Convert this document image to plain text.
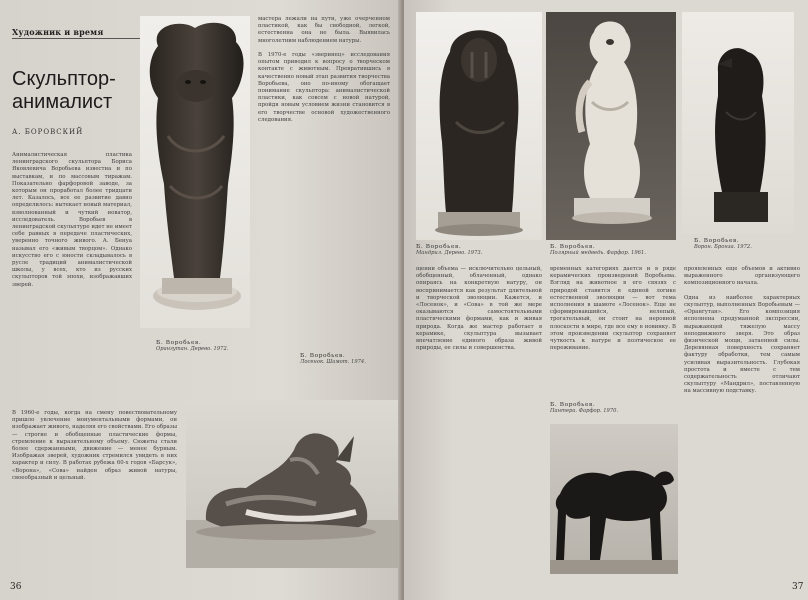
Художник и время
Скульптор-
анималист
А. БОРОВСКИЙ
Анималистическая пластика ленинградского скульптора Бориса Яковлевича Воробьева известна и по выставкам, и по массовым тиражам. Показательно фарфоровой заводе, за которым он проработал более тридцати лет. Казалось, все ее развитие давно определилось: вытекает новый материал, взволнованный и чуткий новатор, исследователь. Воробьев в ленинградской скульптуре идет не имеет себе равных в передаче пластических, уверенно точного живого. А. Бенуа называл его «живым творцом». Однако искусство его с юности складывалось в русле традиций анималистической школы, у всех, кто из русских скульпторов той эпохи, изображавших зверей.
Б. Воробьев.
Орангутан. Дерево. 1972.
мастера лежали на пути, уже очерченном пластикой, как бы свободной, легкой, естественна она не была. Выявилась многолетним наблюдением натуры.

В 1970-е годы «зверинец» исследования опытом приводил к вопросу о творческом контакте с животным. Превратившись в качественно новый этап развития творчества Воробьева, оно по-иному обогащает понимание скульптора: анималистической пластики, как совсем с новой натурой, пройдя новым условием жизни становится в его творчестве основой художественного следования.
Б. Воробьев.
Лосенок. Шамот. 1974.
В 1960-е годы, когда на смену повествовательному пришло увлечение монументальными формами, он изображает живого, наделяя его свойствами. Его образы — строгие и обобщенные пластические формы, стремление к выразительному объему. Сюжеты стали более сдержанными, движение — менее бурным. Изображая зверей, художник стремился увидеть в них характер и силу. В работах рубежа 60-х годов «Барсук», «Ворона», «Сова» найден образ живой натуры, своеобразный и цельный.
36
Б. Воробьев.
Мандрил. Дерево. 1973.
Б. Воробьев.
Полярный медведь. Фарфор. 1961.
Б. Воробьев.
Ворон. Бронза. 1972.
щении объема — исключительно цельный, обобщенный, облаченный, однако опираясь на конкретную натуру, он воспринимается как результат длительной и творческой эволюции. Кажется, и «Лосенок», и «Сова» в той же мере оказываются самостоятельными пластическими формами, как и живая природа. Когда же мастер работает в керамике, скульптура вызывает впечатление единого образа живой природы, ее силы и совершенства.
временных категориях дается и в ряде керамических произведений Воробьева. Взгляд на животное в его связях с природой ставится в единой логике естественной эволюции — вот тема исполнения в шамоте «Лосенок». Еще не сформировавшийся, нелепый, трогательный, он стоит на неровной плоскости в мире, где все ему в новинку. В этом произведении скульптор сохраняет чуткость к натуре и поэтическое ее переживание.
проявленных еще объемов и активно выраженного организующего композиционного начала.

Одна из наиболее характерных скульптур, выполненных Воробьевым — «Орангутан». Его композиция исполнена продуманной экспрессии, выражающей тяжелую массу неподвижного зверя. Это образ физической мощи, затаенной силы. Деревянная поверхность сохраняет фактуру обработки, тем самым усиливая выразительность. Глубокая простота и вместе с тем содержательность отличают скульптуру «Мандрил», поставленную на массивную подставку.
Б. Воробьев.
Пантера. Фарфор. 1970.
37
